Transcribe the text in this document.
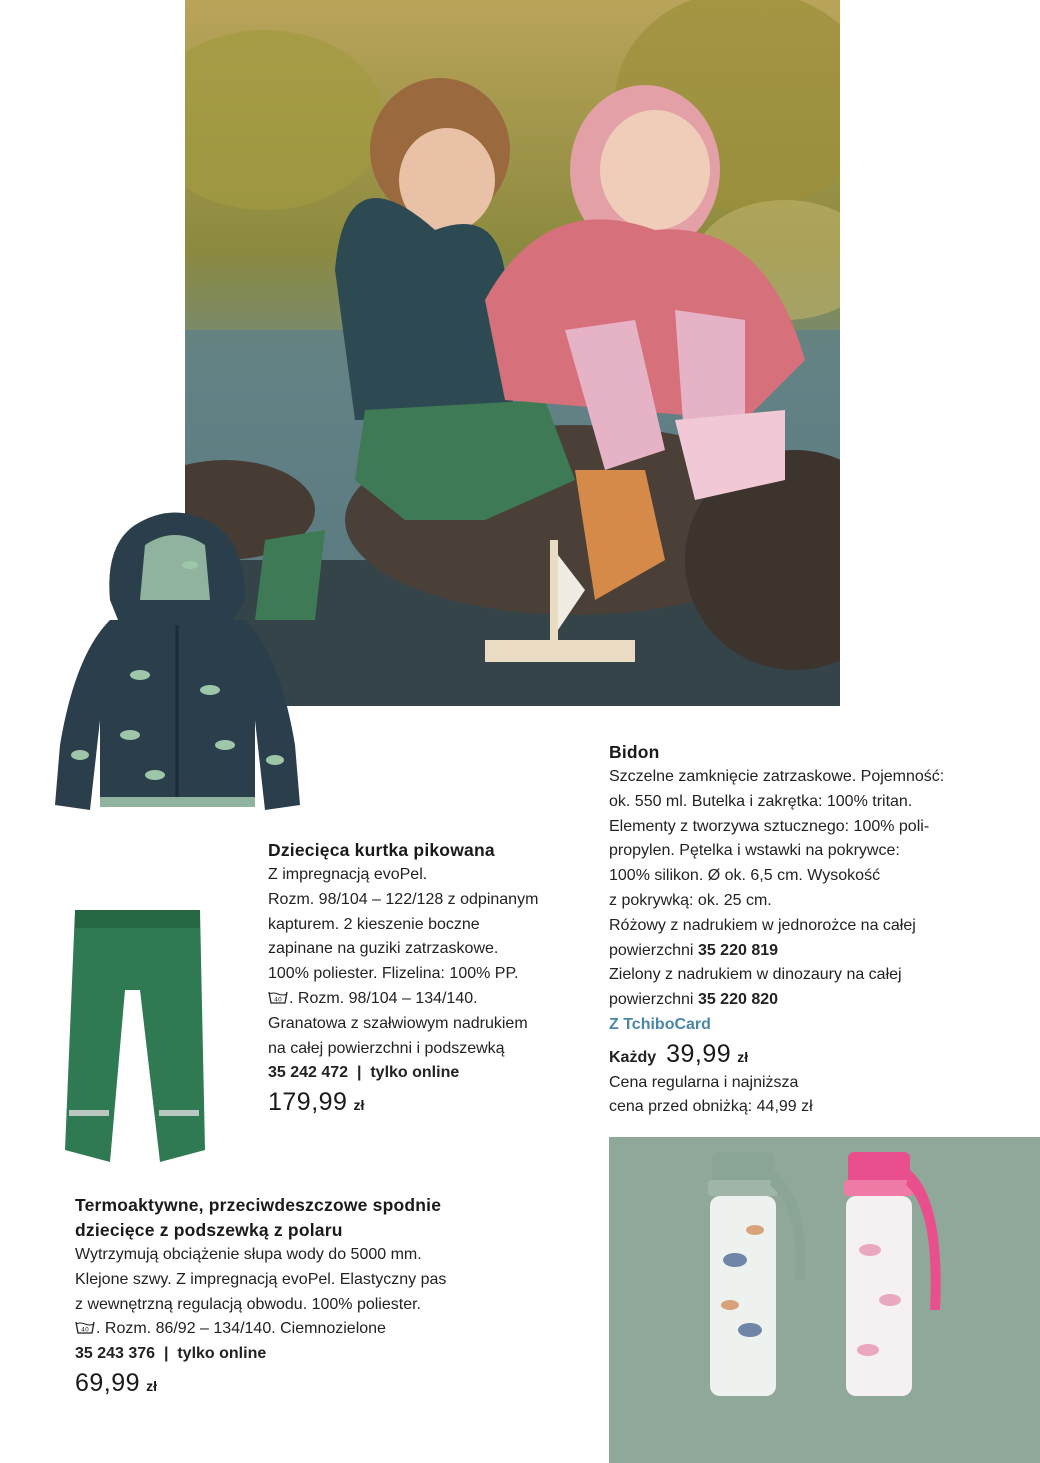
Dziecięca kurtka pikowana
Z impregnacją evoPel.
Rozm. 98/104 – 122/128 z odpinanym
kapturem. 2 kieszenie boczne
zapinane na guziki zatrzaskowe.
100% poliester. Flizelina: 100% PP.
40 . Rozm. 98/104 – 134/140.
Granatowa z szałwiowym nadrukiem
na całej powierzchni i podszewką
35 242 472  |  tylko online
179,99 zł
Termoaktywne, przeciwdeszczowe spodnie
dziecięce z podszewką z polaru
Wytrzymują obciążenie słupa wody do 5000 mm.
Klejone szwy. Z impregnacją evoPel. Elastyczny pas
z wewnętrzną regulacją obwodu. 100% poliester.
40 . Rozm. 86/92 – 134/140. Ciemnozielone
35 243 376  |  tylko online
69,99 zł
Bidon
Szczelne zamknięcie zatrzaskowe. Pojemność:
ok. 550 ml. Butelka i zakrętka: 100% tritan.
Elementy z tworzywa sztucznego: 100% poli-
propylen. Pętelka i wstawki na pokrywce:
100% silikon. Ø ok. 6,5 cm. Wysokość
z pokrywką: ok. 25 cm.
Różowy z nadrukiem w jednorożce na całej
powierzchni 35 220 819
Zielony z nadrukiem w dinozaury na całej
powierzchni 35 220 820
Z TchiboCard
Każdy 39,99 zł
Cena regularna i najniższa
cena przed obniżką: 44,99 zł
